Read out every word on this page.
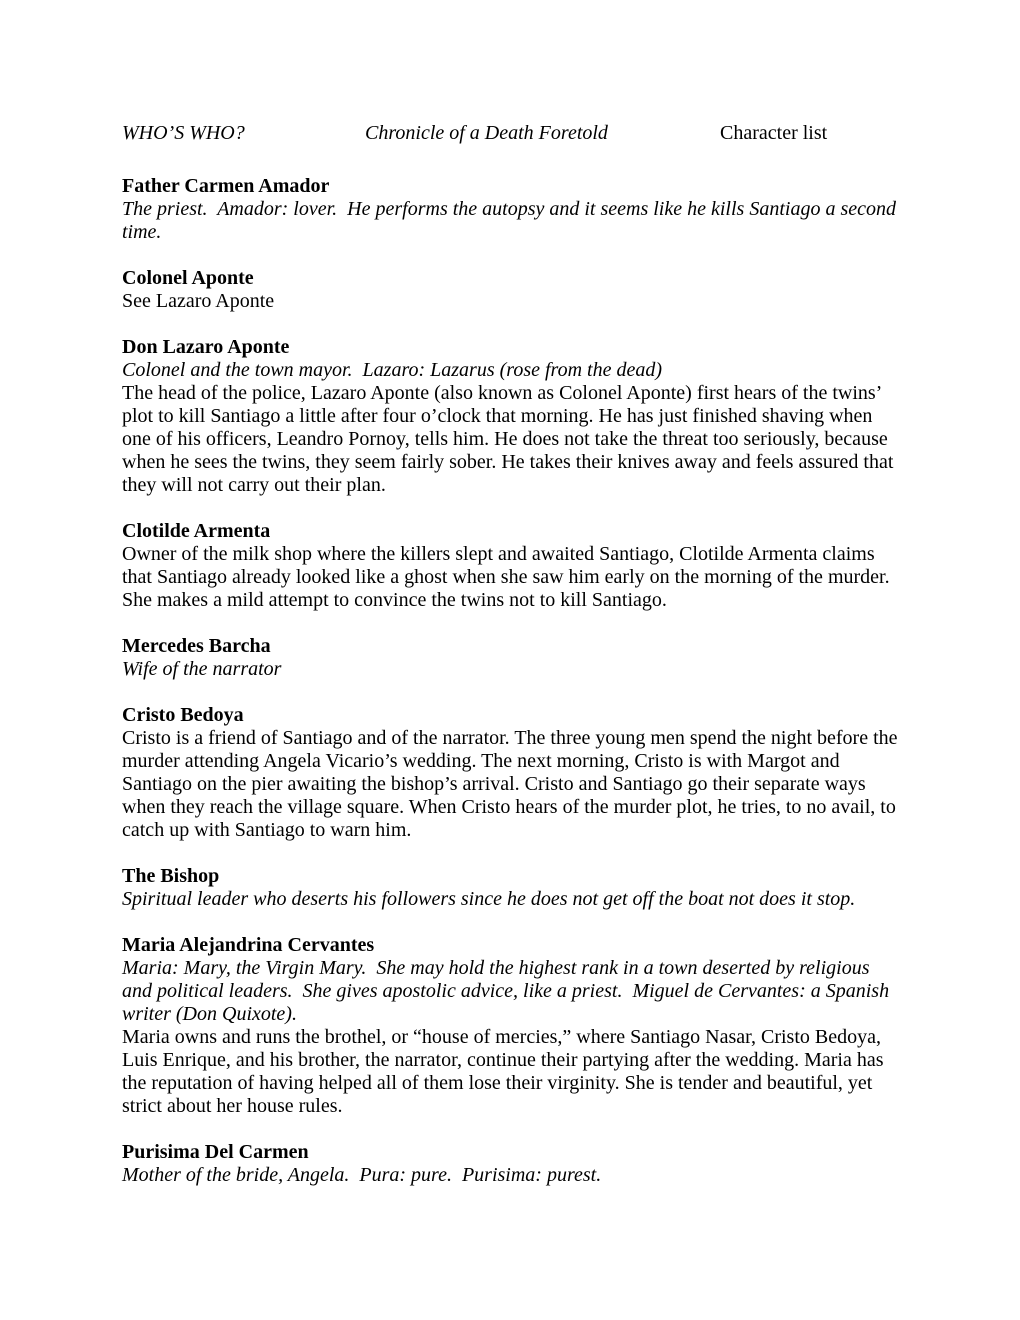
WHO’S WHO?	Chronicle of a Death Foretold	Character list
Father Carmen Amador

The priest.  Amador: lover.  He performs the autopsy and it seems like he kills Santiago a second time.

Colonel Aponte

See Lazaro Aponte

Don Lazaro Aponte

Colonel and the town mayor.  Lazaro: Lazarus (rose from the dead)

The head of the police, Lazaro Aponte (also known as Colonel Aponte) first hears of the twins’ plot to kill Santiago a little after four o’clock that morning. He has just finished shaving when one of his officers, Leandro Pornoy, tells him. He does not take the threat too seriously, because when he sees the twins, they seem fairly sober. He takes their knives away and feels assured that they will not carry out their plan.

Clotilde Armenta

Owner of the milk shop where the killers slept and awaited Santiago, Clotilde Armenta claims that Santiago already looked like a ghost when she saw him early on the morning of the murder. She makes a mild attempt to convince the twins not to kill Santiago.

Mercedes Barcha

Wife of the narrator

Cristo Bedoya

Cristo is a friend of Santiago and of the narrator. The three young men spend the night before the murder attending Angela Vicario’s wedding. The next morning, Cristo is with Margot and Santiago on the pier awaiting the bishop’s arrival. Cristo and Santiago go their separate ways when they reach the village square. When Cristo hears of the murder plot, he tries, to no avail, to catch up with Santiago to warn him.

The Bishop

Spiritual leader who deserts his followers since he does not get off the boat not does it stop.

Maria Alejandrina Cervantes

Maria: Mary, the Virgin Mary.  She may hold the highest rank in a town deserted by religious and political leaders.  She gives apostolic advice, like a priest.  Miguel de Cervantes: a Spanish writer (Don Quixote).

Maria owns and runs the brothel, or “house of mercies,” where Santiago Nasar, Cristo Bedoya, Luis Enrique, and his brother, the narrator, continue their partying after the wedding. Maria has the reputation of having helped all of them lose their virginity. She is tender and beautiful, yet strict about her house rules.

Purisima Del Carmen

Mother of the bride, Angela.  Pura: pure.  Purisima: purest.
